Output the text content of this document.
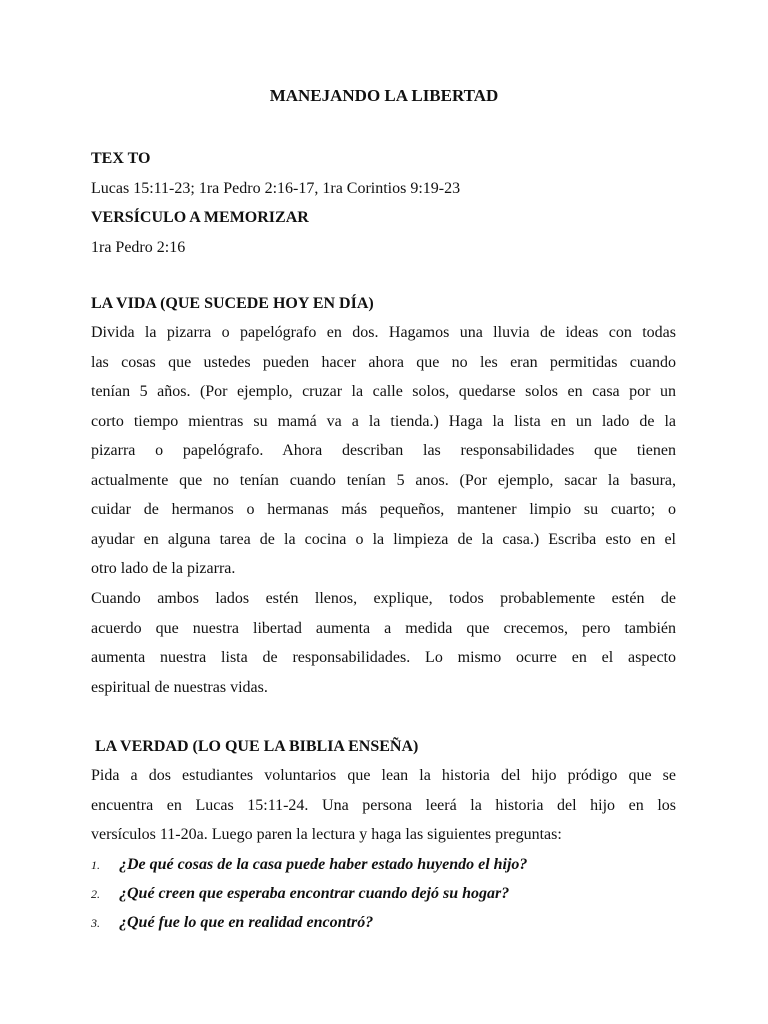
MANEJANDO LA LIBERTAD
TEX TO
Lucas 15:11-23; 1ra Pedro 2:16-17, 1ra Corintios 9:19-23
VERSÍCULO A MEMORIZAR
1ra Pedro 2:16
LA VIDA (QUE SUCEDE HOY EN DÍA)
Divida la pizarra o papelógrafo en dos. Hagamos una lluvia de ideas con todas
las cosas que ustedes pueden hacer ahora que no les eran permitidas cuando
tenían 5 años. (Por ejemplo, cruzar la calle solos, quedarse solos en casa por un
corto tiempo mientras su mamá va a la tienda.) Haga la lista en un lado de la
pizarra o papelógrafo. Ahora describan las responsabilidades que tienen
actualmente que no tenían cuando tenían 5 anos. (Por ejemplo, sacar la basura,
cuidar de hermanos o hermanas más pequeños, mantener limpio su cuarto; o
ayudar en alguna tarea de la cocina o la limpieza de la casa.) Escriba esto en el
otro lado de la pizarra.
Cuando ambos lados estén llenos, explique, todos probablemente estén de
acuerdo que nuestra libertad aumenta a medida que crecemos, pero también
aumenta nuestra lista de responsabilidades. Lo mismo ocurre en el aspecto
espiritual de nuestras vidas.
LA VERDAD (LO QUE LA BIBLIA ENSEÑA)
Pida a dos estudiantes voluntarios que lean la historia del hijo pródigo que se
encuentra en Lucas 15:11-24. Una persona leerá la historia del hijo en los
versículos 11-20a. Luego paren la lectura y haga las siguientes preguntas:
1. ¿De qué cosas de la casa puede haber estado huyendo el hijo?
2. ¿Qué creen que esperaba encontrar cuando dejó su hogar?
3. ¿Qué fue lo que en realidad encontró?
